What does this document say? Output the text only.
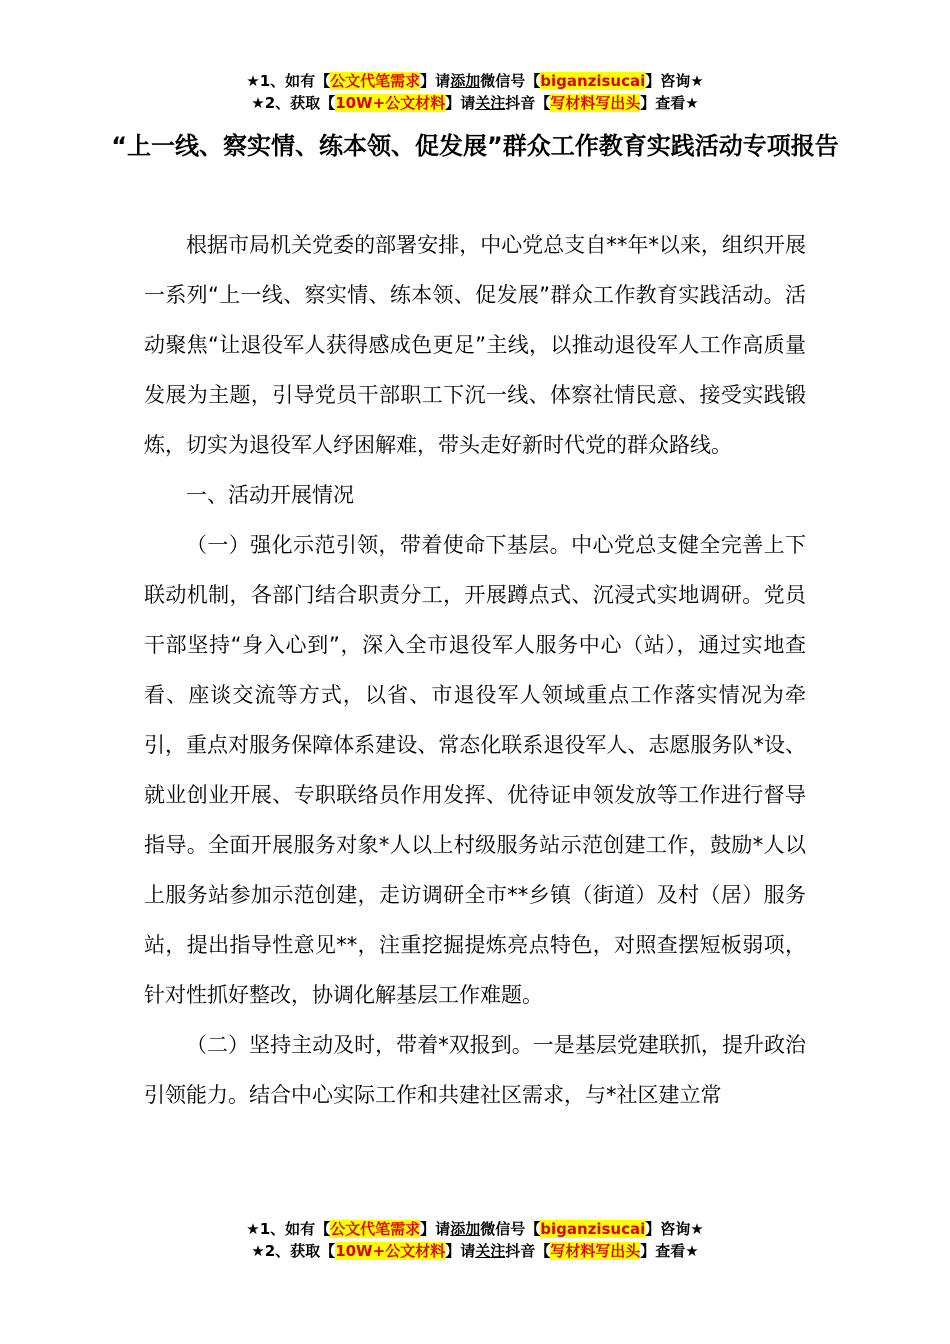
★1、如有【公文代笔需求】请添加微信号【biganzisucai】咨询★
★2、获取【10W+公文材料】请关注抖音【写材料写出头】查看★
“上一线、察实情、练本领、促发展”群众工作教育实践活动专项报告

根据市局机关党委的部署安排，中心党总支自**年*以来，组织开展一系列“上一线、察实情、练本领、促发展”群众工作教育实践活动。活动聚焦“让退役军人获得感成色更足”主线，以推动退役军人工作高质量发展为主题，引导党员干部职工下沉一线、体察社情民意、接受实践锻炼，切实为退役军人纾困解难，带头走好新时代党的群众路线。

一、活动开展情况

（一）强化示范引领，带着使命下基层。中心党总支健全完善上下联动机制，各部门结合职责分工，开展蹲点式、沉浸式实地调研。党员干部坚持“身入心到”，深入全市退役军人服务中心（站），通过实地查看、座谈交流等方式，以省、市退役军人领域重点工作落实情况为牵引，重点对服务保障体系建设、常态化联系退役军人、志愿服务队*设、就业创业开展、专职联络员作用发挥、优待证申领发放等工作进行督导指导。全面开展服务对象*人以上村级服务站示范创建工作，鼓励*人以上服务站参加示范创建，走访调研全市**乡镇（街道）及村（居）服务站，提出指导性意见**，注重挖掘提炼亮点特色，对照查摆短板弱项，针对性抓好整改，协调化解基层工作难题。

（二）坚持主动及时，带着*双报到。一是基层党建联抓，提升政治引领能力。结合中心实际工作和共建社区需求，与*社区建立常

★1、如有【公文代笔需求】请添加微信号【biganzisucai】咨询★
★2、获取【10W+公文材料】请关注抖音【写材料写出头】查看★
